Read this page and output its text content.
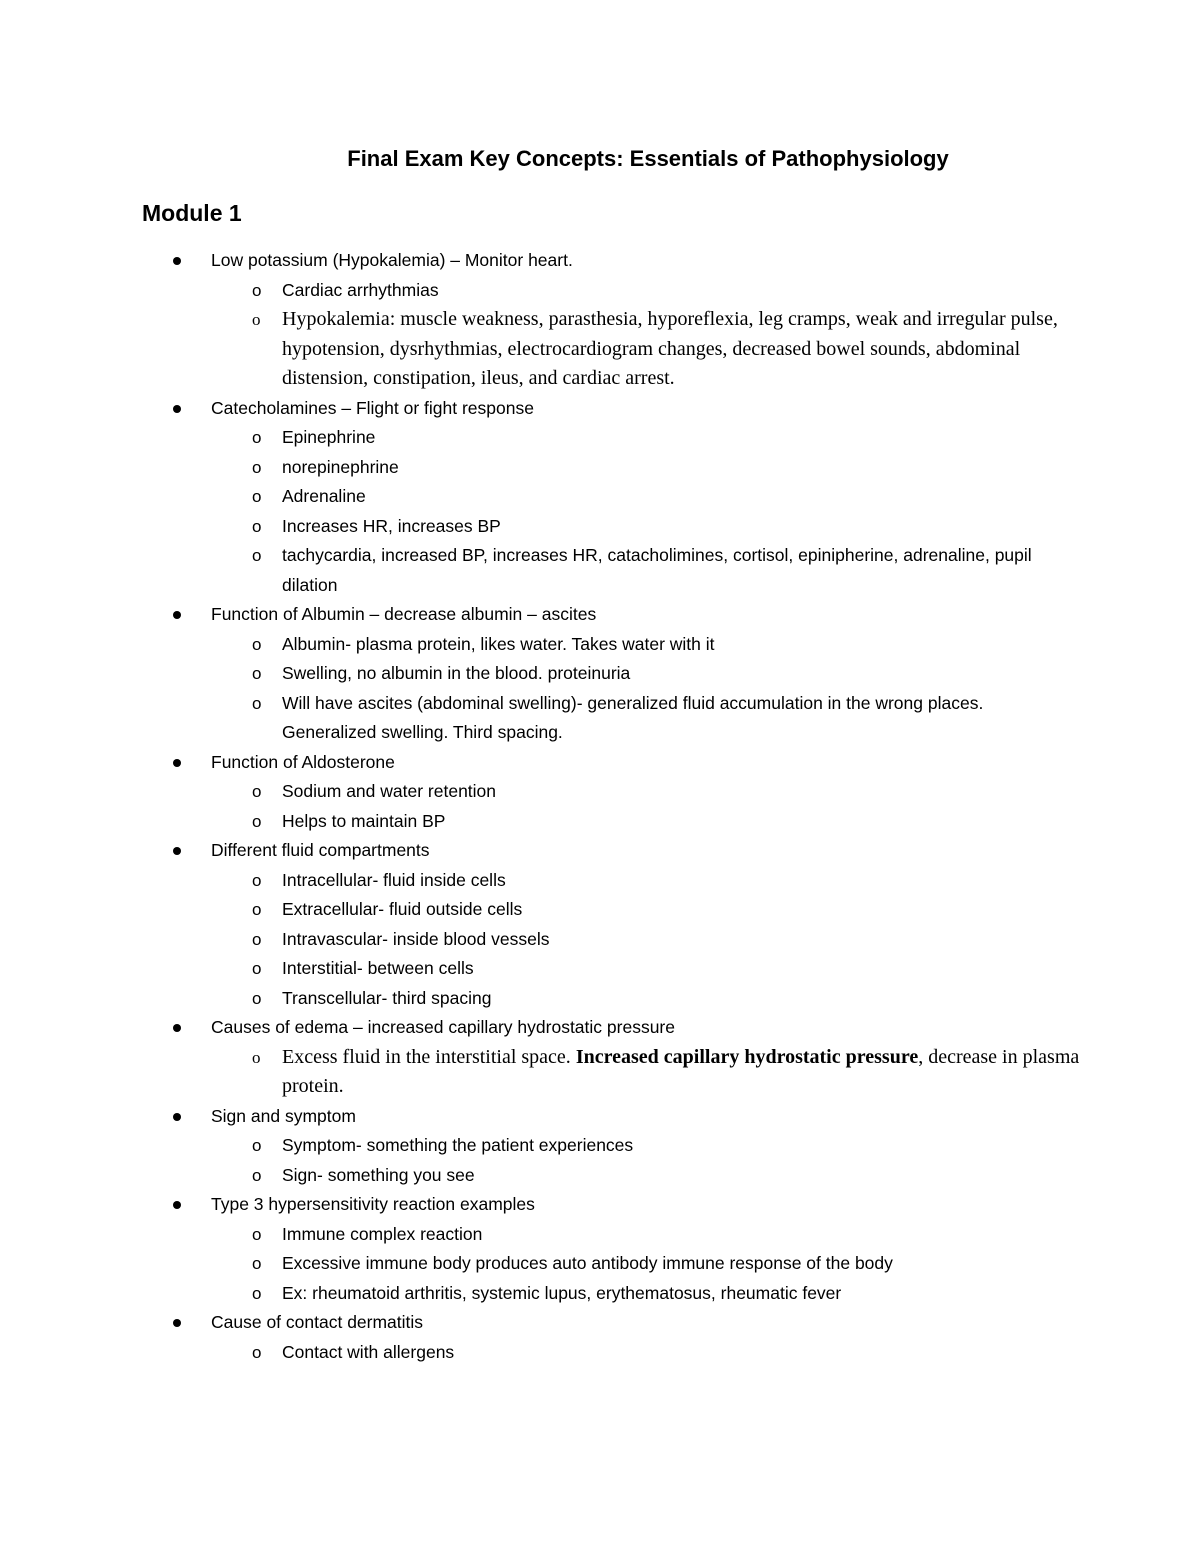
Final Exam Key Concepts: Essentials of Pathophysiology
Module 1
Low potassium (Hypokalemia) – Monitor heart.
o Cardiac arrhythmias
o Hypokalemia: muscle weakness, parasthesia, hyporeflexia, leg cramps, weak and irregular pulse, hypotension, dysrhythmias, electrocardiogram changes, decreased bowel sounds, abdominal distension, constipation, ileus, and cardiac arrest.
Catecholamines – Flight or fight response
o Epinephrine
o norepinephrine
o Adrenaline
o Increases HR, increases BP
o tachycardia, increased BP, increases HR, catacholimines, cortisol, epinipherine, adrenaline, pupil dilation
Function of Albumin – decrease albumin – ascites
o Albumin- plasma protein, likes water. Takes water with it
o Swelling, no albumin in the blood. proteinuria
o Will have ascites (abdominal swelling)- generalized fluid accumulation in the wrong places. Generalized swelling. Third spacing.
Function of Aldosterone
o Sodium and water retention
o Helps to maintain BP
Different fluid compartments
o Intracellular- fluid inside cells
o Extracellular- fluid outside cells
o Intravascular- inside blood vessels
o Interstitial- between cells
o Transcellular- third spacing
Causes of edema – increased capillary hydrostatic pressure
o Excess fluid in the interstitial space. Increased capillary hydrostatic pressure, decrease in plasma protein.
Sign and symptom
o Symptom- something the patient experiences
o Sign- something you see
Type 3 hypersensitivity reaction examples
o Immune complex reaction
o Excessive immune body produces auto antibody immune response of the body
o Ex: rheumatoid arthritis, systemic lupus, erythematosus, rheumatic fever
Cause of contact dermatitis
o Contact with allergens
